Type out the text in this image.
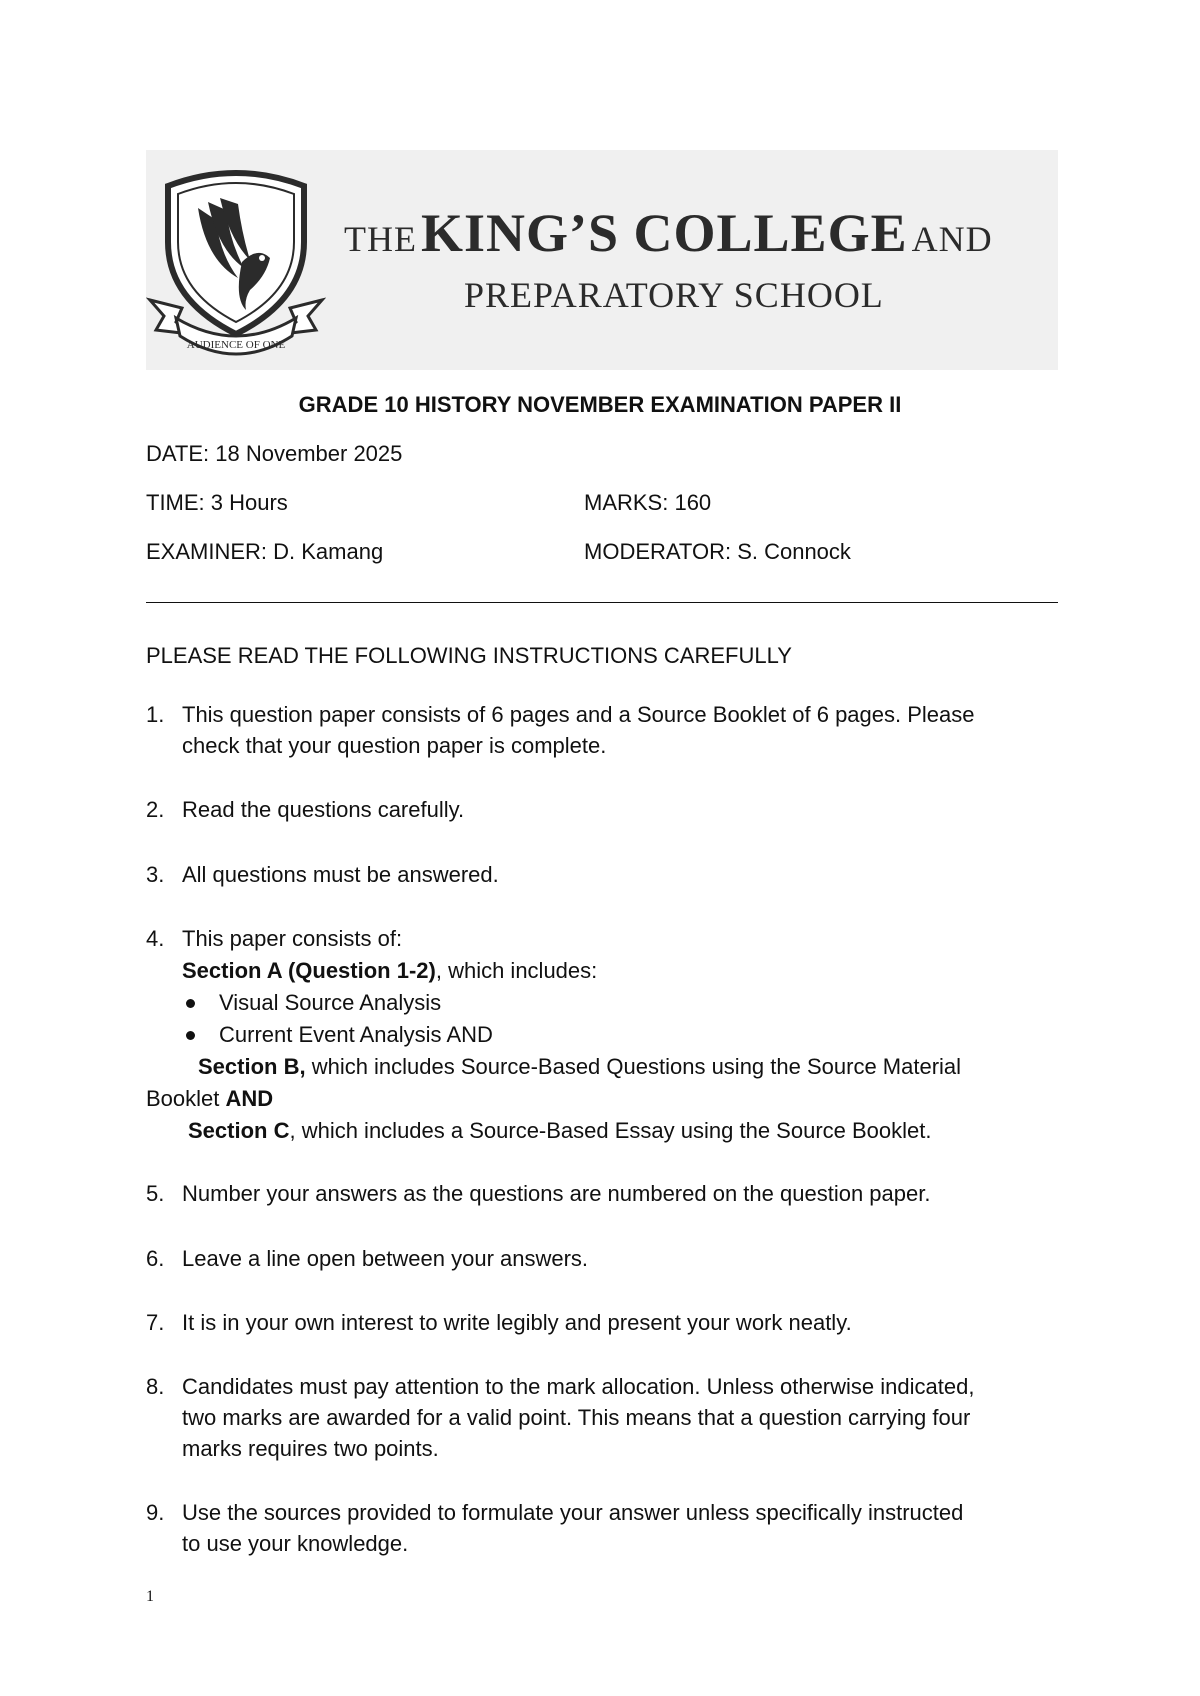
AUDIENCE OF ONE
THE KING’S COLLEGE AND
PREPARATORY SCHOOL
GRADE 10 HISTORY NOVEMBER EXAMINATION PAPER II
DATE: 18 November 2025
TIME: 3 Hours	MARKS: 160
EXAMINER: D. Kamang	MODERATOR: S. Connock
PLEASE READ THE FOLLOWING INSTRUCTIONS CAREFULLY
1. This question paper consists of 6 pages and a Source Booklet of 6 pages. Please
check that your question paper is complete.
2. Read the questions carefully.
3. All questions must be answered.
4. This paper consists of:
Section A (Question 1-2), which includes:
Visual Source Analysis
Current Event Analysis AND
Section B, which includes Source-Based Questions using the Source Material
Booklet AND
Section C, which includes a Source-Based Essay using the Source Booklet.
5. Number your answers as the questions are numbered on the question paper.
6. Leave a line open between your answers.
7. It is in your own interest to write legibly and present your work neatly.
8. Candidates must pay attention to the mark allocation. Unless otherwise indicated,
two marks are awarded for a valid point. This means that a question carrying four
marks requires two points.
9. Use the sources provided to formulate your answer unless specifically instructed
to use your knowledge.
1
